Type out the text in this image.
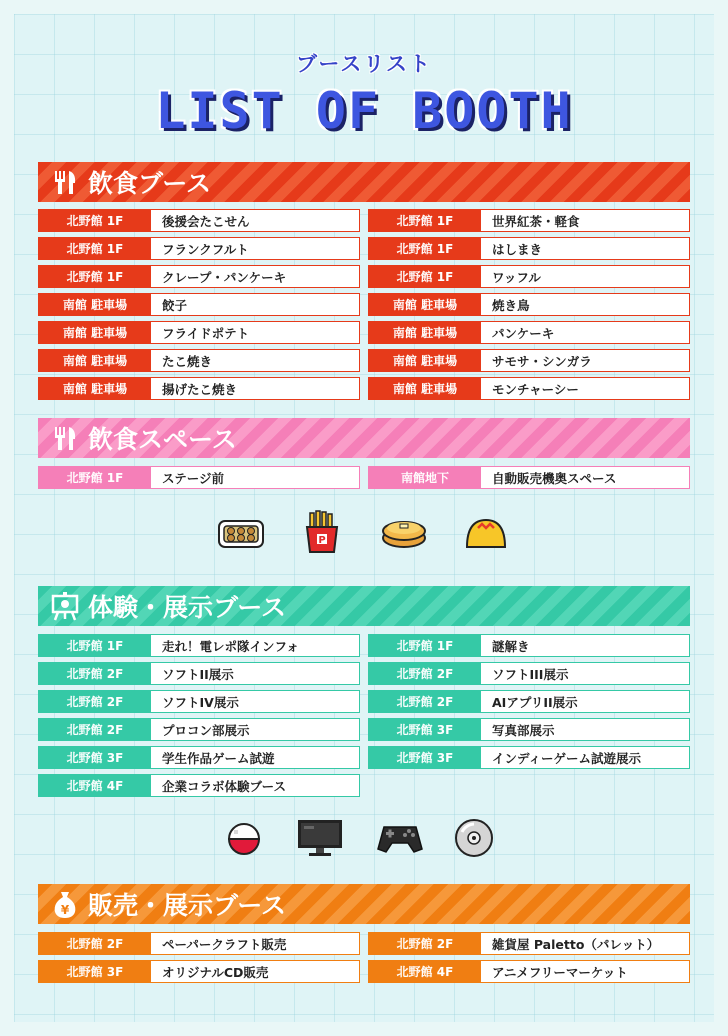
ブースリスト
LIST OF BOOTH
飲食ブース
北野館 1F	後援会たこせん
北野館 1F	フランクフルト
北野館 1F	クレープ・パンケーキ
南館 駐車場	餃子
南館 駐車場	フライドポテト
南館 駐車場	たこ焼き
南館 駐車場	揚げたこ焼き
北野館 1F	世界紅茶・軽食
北野館 1F	はしまき
北野館 1F	ワッフル
南館 駐車場	焼き鳥
南館 駐車場	パンケーキ
南館 駐車場	サモサ・シンガラ
南館 駐車場	モンチャーシー
飲食スペース
北野館 1F	ステージ前	南館地下	自動販売機奥スペース
P
体験・展示ブース
北野館 1F	走れ！電レポ隊インフォ
北野館 2F	ソフトII展示
北野館 2F	ソフトIV展示
北野館 2F	プロコン部展示
北野館 3F	学生作品ゲーム試遊
北野館 4F	企業コラボ体験ブース
北野館 1F	謎解き
北野館 2F	ソフトIII展示
北野館 2F	AIアプリII展示
北野館 3F	写真部展示
北野館 3F	インディーゲーム試遊展示
¥ 販売・展示ブース
北野館 2F	ペーパークラフト販売
北野館 3F	オリジナルCD販売
北野館 2F	雑貨屋 Paletto（パレット）
北野館 4F	アニメフリーマーケット
